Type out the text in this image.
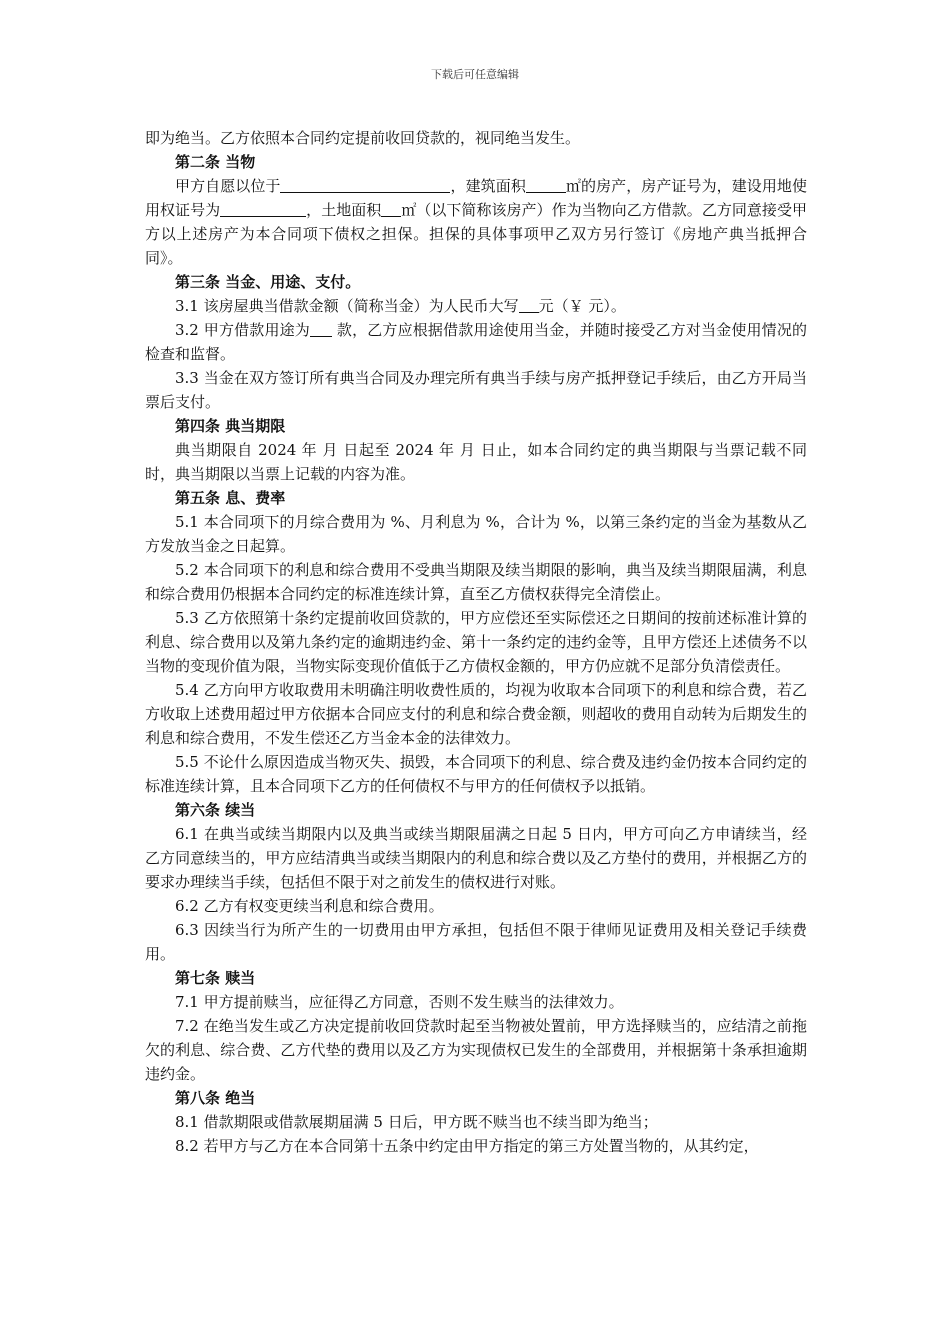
下载后可任意编辑

即为绝当。乙方依照本合同约定提前收回贷款的，视同绝当发生。

第二条 当物

甲方自愿以位于	，建筑面积	㎡的房产，房产证号为，建设用地使用权证号为	，土地面积 ㎡（以下简称该房产）作为当物向乙方借款。乙方同意接受甲方以上述房产为本合同项下债权之担保。担保的具体事项甲乙双方另行签订《房地产典当抵押合同》。

第三条 当金、用途、支付。

3.1 该房屋典当借款金额（简称当金）为人民币大写 元（￥ 元）。

3.2 甲方借款用途为 款，乙方应根据借款用途使用当金，并随时接受乙方对当金使用情况的检查和监督。

3.3 当金在双方签订所有典当合同及办理完所有典当手续与房产抵押登记手续后，由乙方开局当票后支付。

第四条 典当期限

典当期限自 2024 年 月 日起至 2024 年 月 日止，如本合同约定的典当期限与当票记载不同时，典当期限以当票上记载的内容为准。

第五条 息、费率

5.1 本合同项下的月综合费用为 %、月利息为 %，合计为 %，以第三条约定的当金为基数从乙方发放当金之日起算。

5.2 本合同项下的利息和综合费用不受典当期限及续当期限的影响，典当及续当期限届满，利息和综合费用仍根据本合同约定的标准连续计算，直至乙方债权获得完全清偿止。

5.3 乙方依照第十条约定提前收回贷款的，甲方应偿还至实际偿还之日期间的按前述标准计算的利息、综合费用以及第九条约定的逾期违约金、第十一条约定的违约金等，且甲方偿还上述债务不以当物的变现价值为限，当物实际变现价值低于乙方债权金额的，甲方仍应就不足部分负清偿责任。

5.4 乙方向甲方收取费用未明确注明收费性质的，均视为收取本合同项下的利息和综合费，若乙方收取上述费用超过甲方依据本合同应支付的利息和综合费金额，则超收的费用自动转为后期发生的利息和综合费用，不发生偿还乙方当金本金的法律效力。

5.5 不论什么原因造成当物灭失、损毁，本合同项下的利息、综合费及违约金仍按本合同约定的标准连续计算，且本合同项下乙方的任何债权不与甲方的任何债权予以抵销。

第六条 续当

6.1 在典当或续当期限内以及典当或续当期限届满之日起 5 日内，甲方可向乙方申请续当，经乙方同意续当的，甲方应结清典当或续当期限内的利息和综合费以及乙方垫付的费用，并根据乙方的要求办理续当手续，包括但不限于对之前发生的债权进行对账。

6.2 乙方有权变更续当利息和综合费用。

6.3 因续当行为所产生的一切费用由甲方承担，包括但不限于律师见证费用及相关登记手续费用。

第七条 赎当

7.1 甲方提前赎当，应征得乙方同意，否则不发生赎当的法律效力。

7.2 在绝当发生或乙方决定提前收回贷款时起至当物被处置前，甲方选择赎当的，应结清之前拖欠的利息、综合费、乙方代垫的费用以及乙方为实现债权已发生的全部费用，并根据第十条承担逾期违约金。

第八条 绝当

8.1 借款期限或借款展期届满 5 日后，甲方既不赎当也不续当即为绝当；

8.2 若甲方与乙方在本合同第十五条中约定由甲方指定的第三方处置当物的，从其约定，
